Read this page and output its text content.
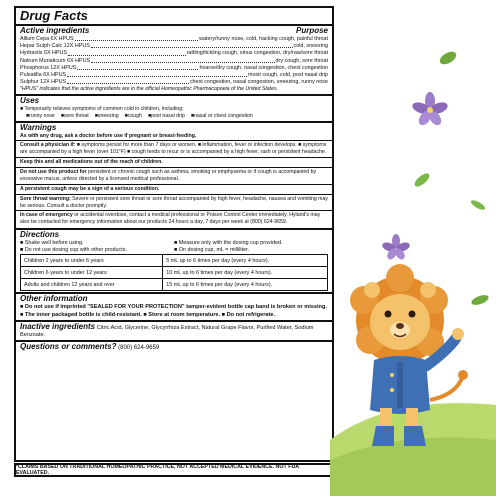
Drug Facts
Active ingredients	Purpose
Allium Cepa 6X HPUS	watery/runny nose, cold, hacking cough, painful throat
Hepar Sulph Calc 12X HPUS	cold, sneezing
Hydrastis 6X HPUS	rattling/tickling cough, sinus congestion, dry/raw/sore throat
Natrum Muriaticum 6X HPUS	dry cough, sore throat
Phosphorus 12X HPUS	hoarse/dry cough, nasal congestion, chest congestion
Pulsatilla 6X HPUS	moist cough, cold, post nasal drip
Sulphur 12X HPUS	chest congestion, nasal congestion, sneezing, runny nose
"HPUS" indicates that the active ingredients are in the official Homeopathic Pharmacopoeia of the United States.
Uses
■ Temporarily relieves symptoms of common cold in children, including:
■ runny nose	■ sore throat	■ sneezing	■ cough	■ post nasal drip	■ nasal or chest congestion
Warnings
As with any drug, ask a doctor before use if pregnant or breast-feeding.
Consult a physician if: ■ symptoms persist for more than 7 days or worsen. ■ inflammation, fever or infection develops. ■ symptoms are accompanied by a high fever (over 101°F) ■ cough tends to recur or is accompanied by a high fever, rash or persistent headache.
Keep this and all medications out of the reach of children.
Do not use this product for persistent or chronic cough such as asthma, smoking or emphysema or if cough is accompanied by excessive mucus, unless directed by a licensed medical professional.
A persistent cough may be a sign of a serious condition.
Sore throat warning: Severe or persistent sore throat or sore throat accompanied by high fever, headache, nausea and vomiting may be serious. Consult a doctor promptly.
In case of emergency or accidental overdose, contact a medical professional or Poison Control Center immediately. Hyland's may also be contacted for emergency information about our products 24 hours a day, 7 days per week at (800) 624-9659.
Directions
■ Shake well before using.	■ Measure only with the dosing cup provided.
■ Do not use dosing cup with other products.	■ On dosing cup, mL = milliliter.
Children 2 years to under 6 years	5 mL up to 6 times per day (every 4 hours).
Children 6 years to under 12 years	10 mL up to 6 times per day (every 4 hours).
Adults and children 12 years and over	15 mL up to 6 times per day (every 4 hours).
Other information
■ Do not use if imprinted "SEALED FOR YOUR PROTECTION" tamper-evident bottle cap band is broken or missing. ■ The inner packaged bottle is child-resistant. ■ Store at room temperature. ■ Do not refrigerate.
Inactive ingredients Citric Acid, Glycerine, Glycyrrhiza Extract, Natural Grape Flavor, Purified Water, Sodium Benzoate.
Questions or comments? (800) 624-9659
*CLAIMS BASED ON TRADITIONAL HOMEOPATHIC PRACTICE, NOT ACCEPTED MEDICAL EVIDENCE. NOT FDA EVALUATED.
